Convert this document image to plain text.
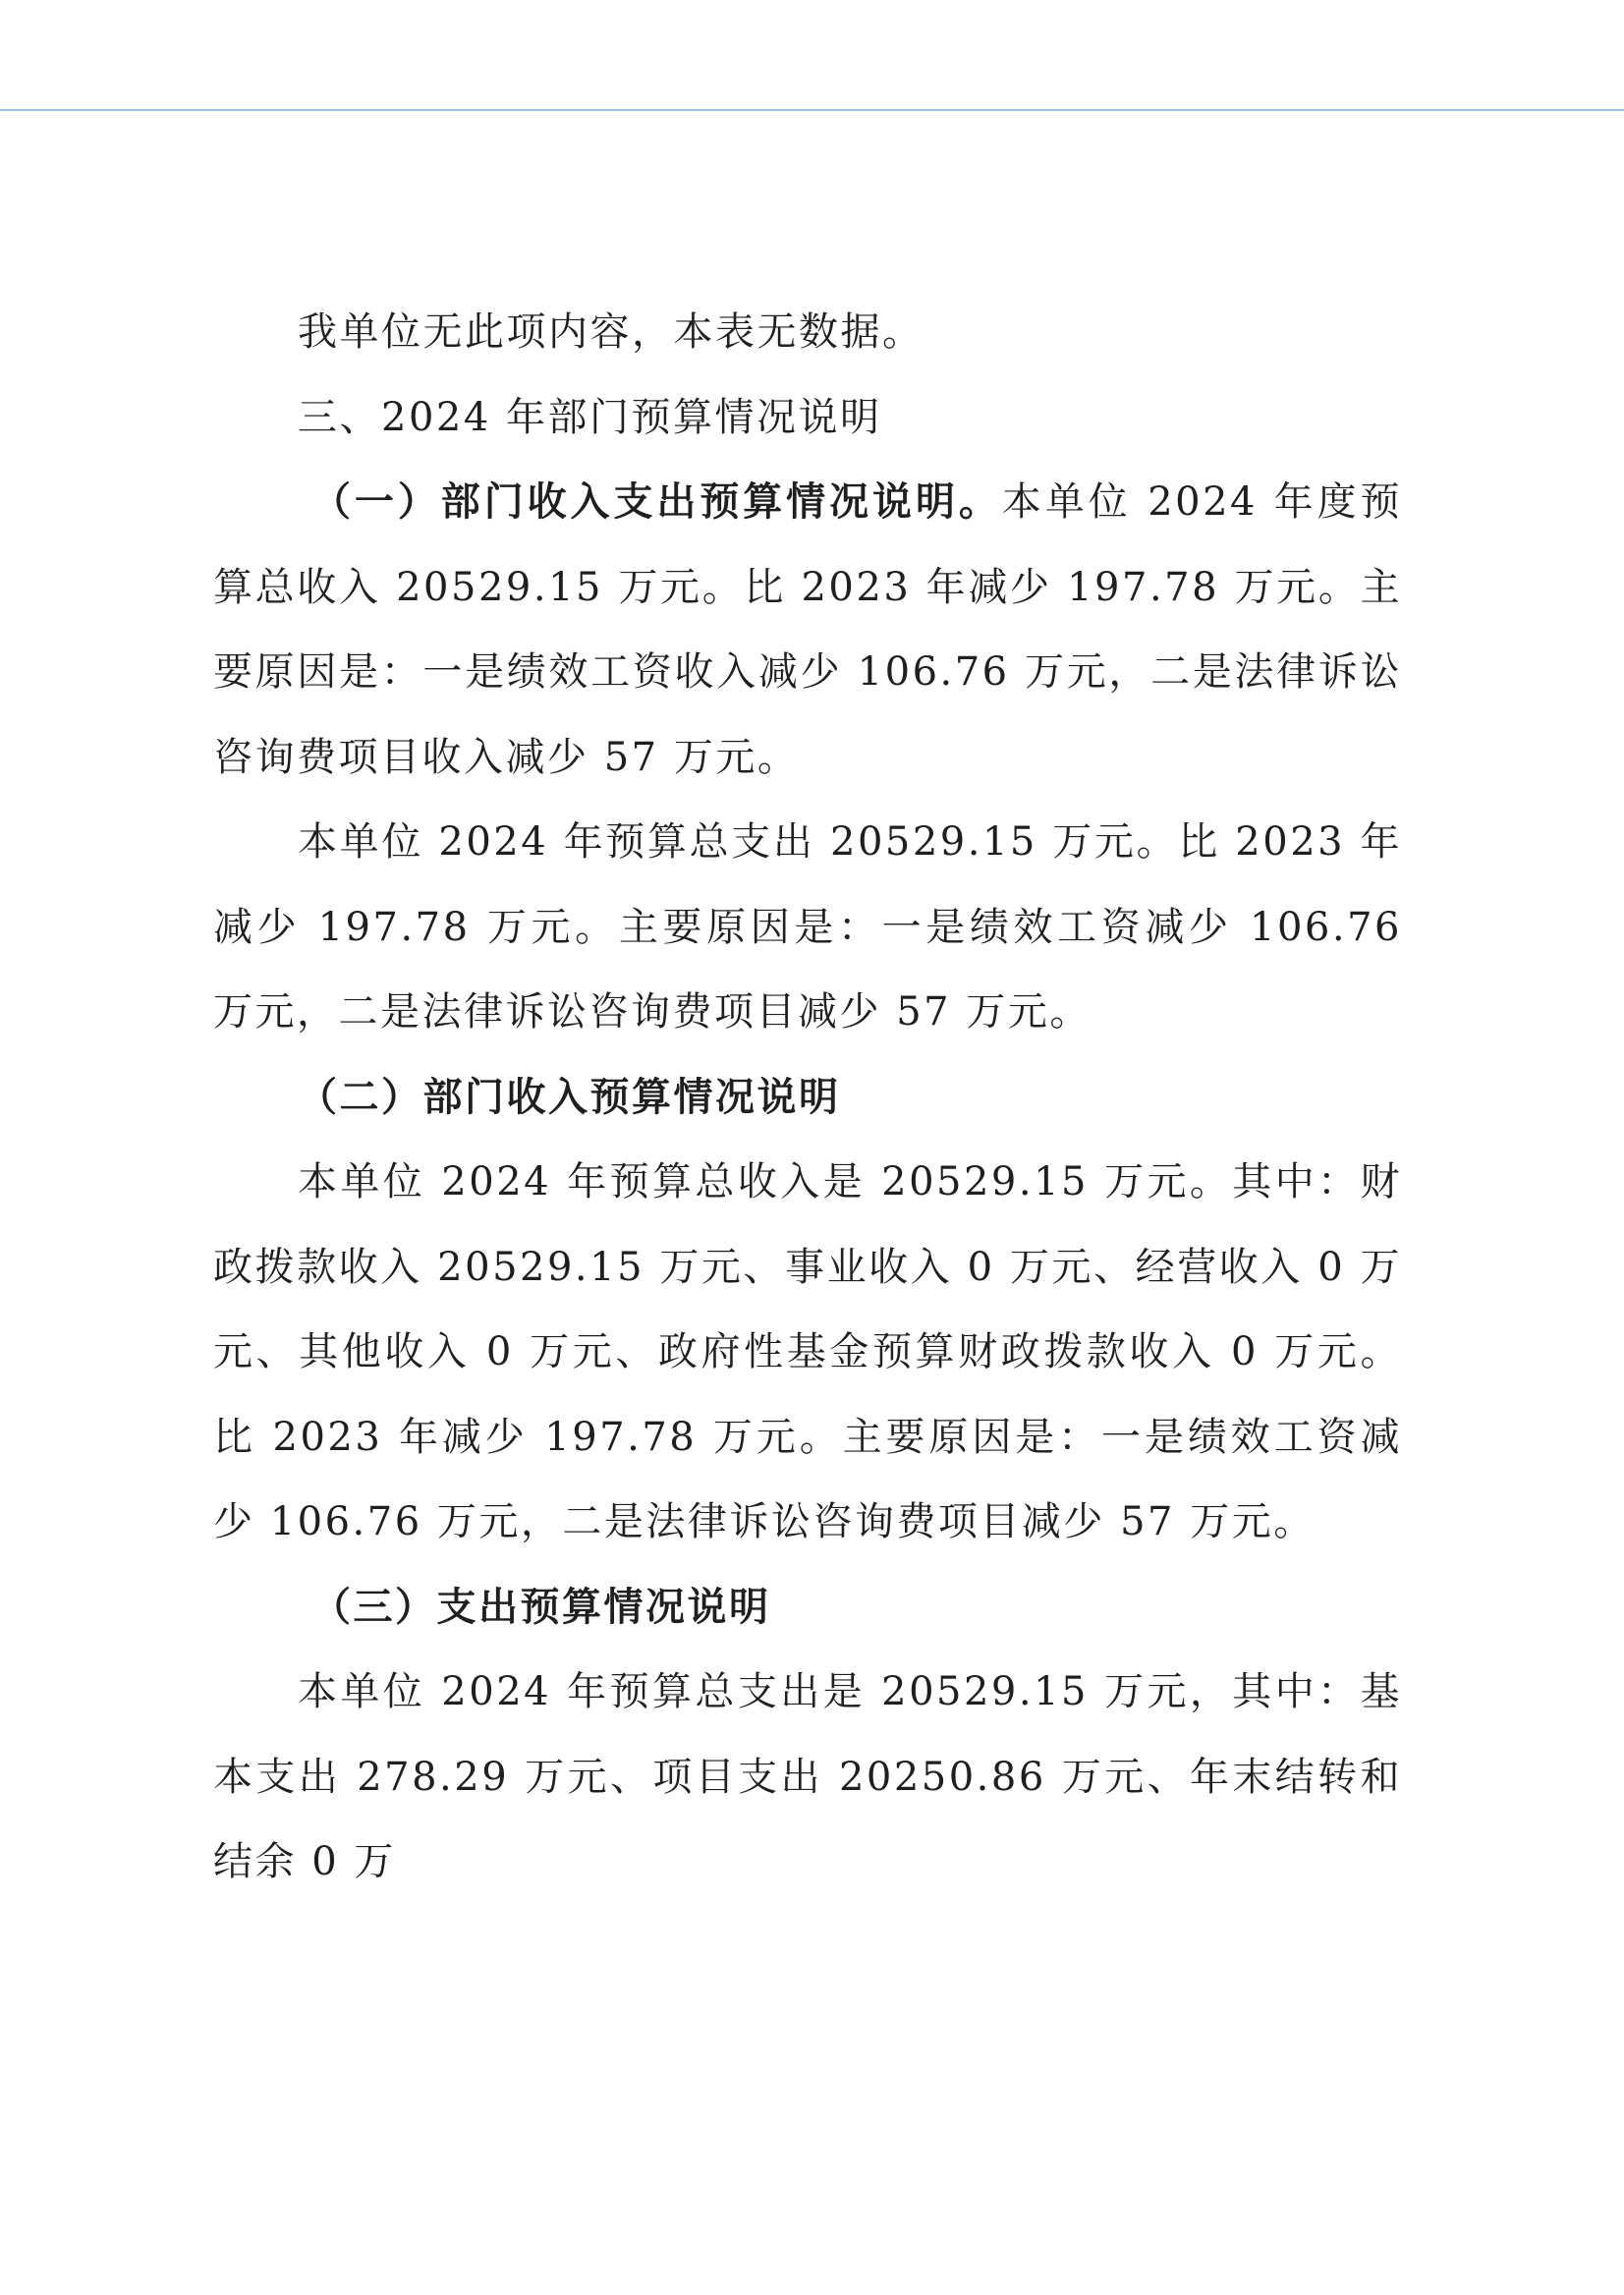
我单位无此项内容，本表无数据。

三、2024 年部门预算情况说明

（一）部门收入支出预算情况说明。本单位 2024 年度预算总收入 20529.15 万元。比 2023 年减少 197.78 万元。主要原因是：一是绩效工资收入减少 106.76 万元，二是法律诉讼咨询费项目收入减少 57 万元。

本单位 2024 年预算总支出 20529.15 万元。比 2023 年减少 197.78 万元。主要原因是：一是绩效工资减少 106.76 万元，二是法律诉讼咨询费项目减少 57 万元。

（二）部门收入预算情况说明

本单位 2024 年预算总收入是 20529.15 万元。其中：财政拨款收入 20529.15 万元、事业收入 0 万元、经营收入 0 万元、其他收入 0 万元、政府性基金预算财政拨款收入 0 万元。比 2023 年减少 197.78 万元。主要原因是：一是绩效工资减少 106.76 万元，二是法律诉讼咨询费项目减少 57 万元。

（三）支出预算情况说明

本单位 2024 年预算总支出是 20529.15 万元，其中：基本支出 278.29 万元、项目支出 20250.86 万元、年末结转和结余 0 万
